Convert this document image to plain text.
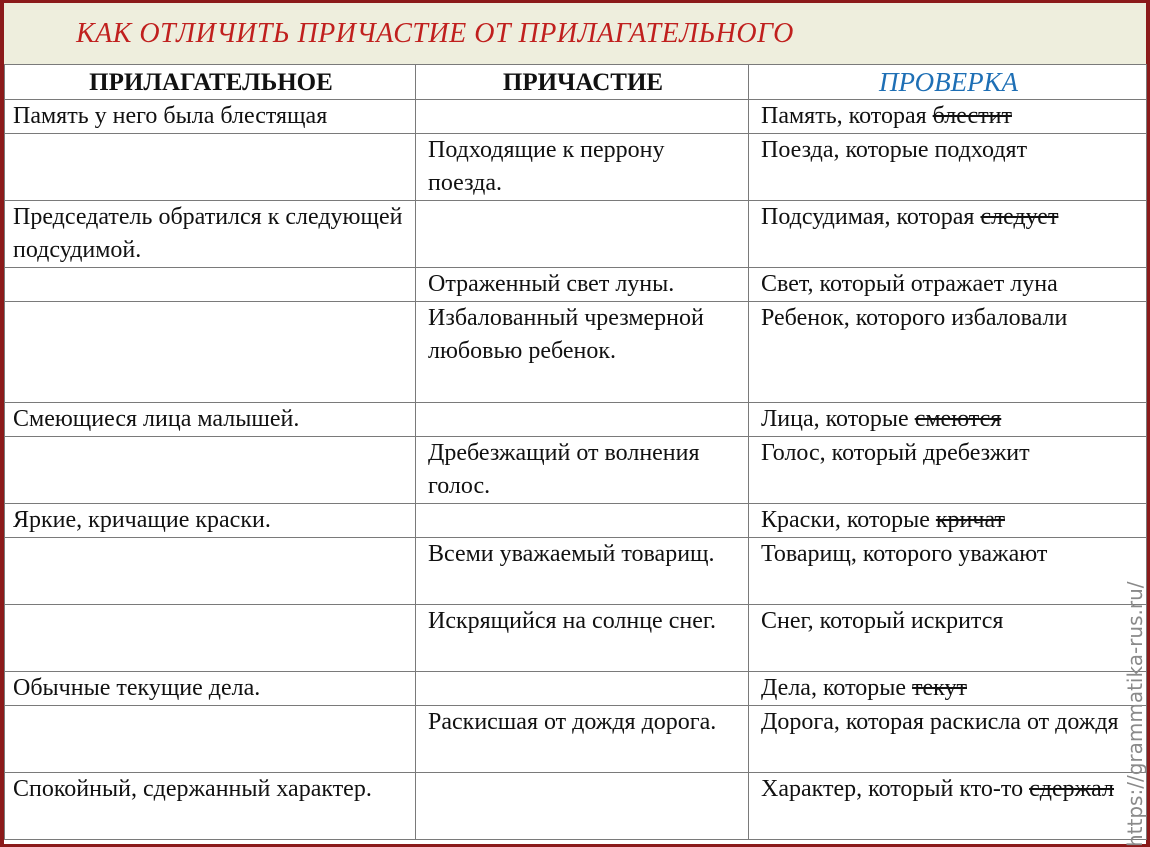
КАК ОТЛИЧИТЬ ПРИЧАСТИЕ ОТ ПРИЛАГАТЕЛЬНОГО
ПРИЛАГАТЕЛЬНОЕ	ПРИЧАСТИЕ	ПРОВЕРКА
Память у него была блестящая		Память, которая блестит
	Подходящие к перрону поезда.	Поезда, которые подходят
Председатель обратился к следующей подсудимой.		Подсудимая, которая следует
	Отраженный свет луны.	Свет, который отражает луна
	Избалованный чрезмерной любовью ребенок.	Ребенок, которого избаловали
Смеющиеся лица малышей.		Лица, которые смеются
	Дребезжащий от волнения голос.	Голос, который дребезжит
Яркие, кричащие краски.		Краски, которые кричат
	Всеми уважаемый товарищ.	Товарищ, которого уважают
	Искрящийся на солнце снег.	Снег, который искрится
Обычные текущие дела.		Дела, которые текут
	Раскисшая от дождя дорога.	Дорога, которая раскисла от дождя
Спокойный, сдержанный характер.		Характер, который кто-то сдержал https://grammatika-rus.ru/
